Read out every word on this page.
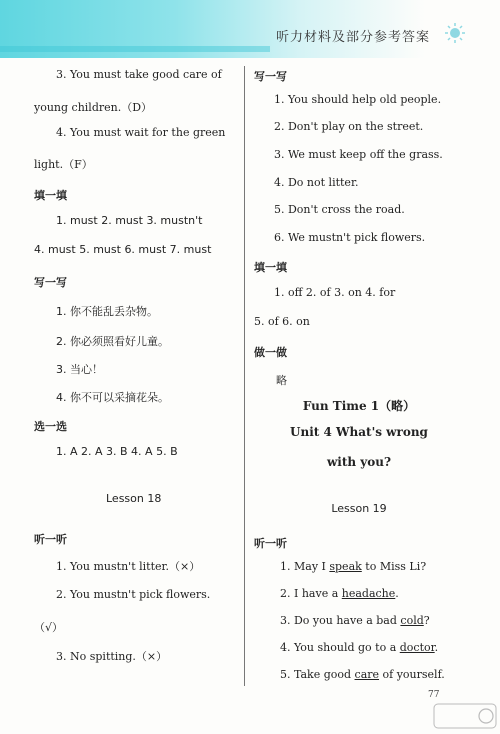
听力材料及部分参考答案
3. You must take good care of
young children.（D）
4. You must wait for the green
light.（F）
填一填
1. must 2. must 3. mustn't
4. must 5. must 6. must 7. must
写一写
1. 你不能乱丢杂物。
2. 你必须照看好儿童。
3. 当心！
4. 你不可以采摘花朵。
选一选
1. A 2. A 3. B 4. A 5. B
Lesson 18
听一听
1. You mustn't litter.（×）
2. You mustn't pick flowers.
（√）
3. No spitting.（×）
写一写
1. You should help old people.
2. Don't play on the street.
3. We must keep off the grass.
4. Do not litter.
5. Don't cross the road.
6. We mustn't pick flowers.
填一填
1. off 2. of 3. on 4. for
5. of 6. on
做一做
略
Fun Time 1（略）
Unit 4 What's wrong
with you?
Lesson 19
听一听
1. May I speak to Miss Li?
2. I have a headache.
3. Do you have a bad cold?
4. You should go to a doctor.
5. Take good care of yourself.
77
